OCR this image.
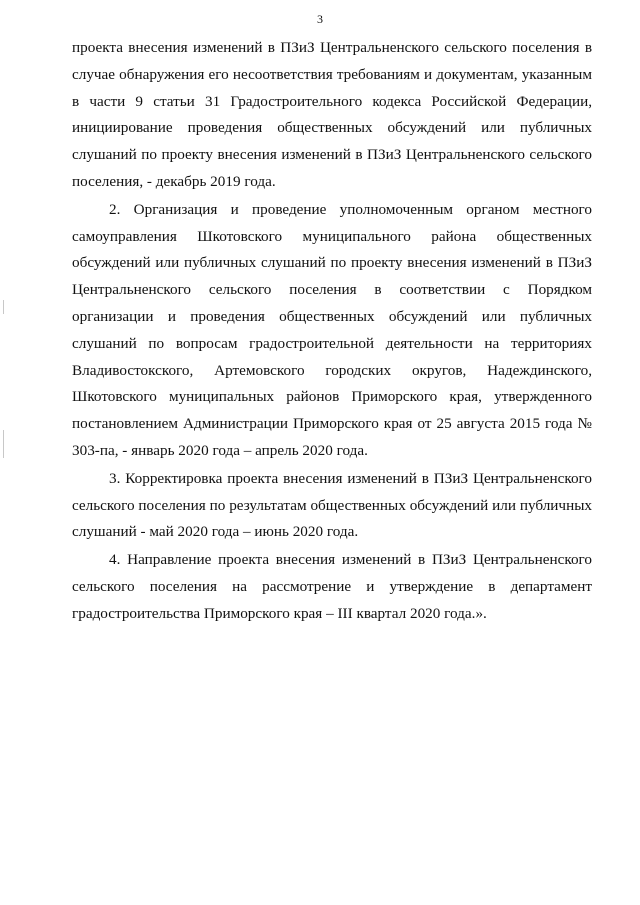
3

проекта внесения изменений в ПЗиЗ Центральненского сельского поселения в случае обнаружения его несоответствия требованиям и документам, указанным в части 9 статьи 31 Градостроительного кодекса Российской Федерации, инициирование проведения общественных обсуждений или публичных слушаний по проекту внесения изменений в ПЗиЗ Центральненского сельского поселения, - декабрь 2019 года.

2. Организация и проведение уполномоченным органом местного самоуправления Шкотовского муниципального района общественных обсуждений или публичных слушаний по проекту внесения изменений в ПЗиЗ Центральненского сельского поселения в соответствии с Порядком организации и проведения общественных обсуждений или публичных слушаний по вопросам градостроительной деятельности на территориях Владивостокского, Артемовского городских округов, Надеждинского, Шкотовского муниципальных районов Приморского края, утвержденного постановлением Администрации Приморского края от 25 августа 2015 года № 303-па, - январь 2020 года – апрель 2020 года.

3. Корректировка проекта внесения изменений в ПЗиЗ Центральненского сельского поселения по результатам общественных обсуждений или публичных слушаний - май 2020 года – июнь 2020 года.

4. Направление проекта внесения изменений в ПЗиЗ Центральненского сельского поселения на рассмотрение и утверждение в департамент градостроительства Приморского края – III квартал 2020 года.».
